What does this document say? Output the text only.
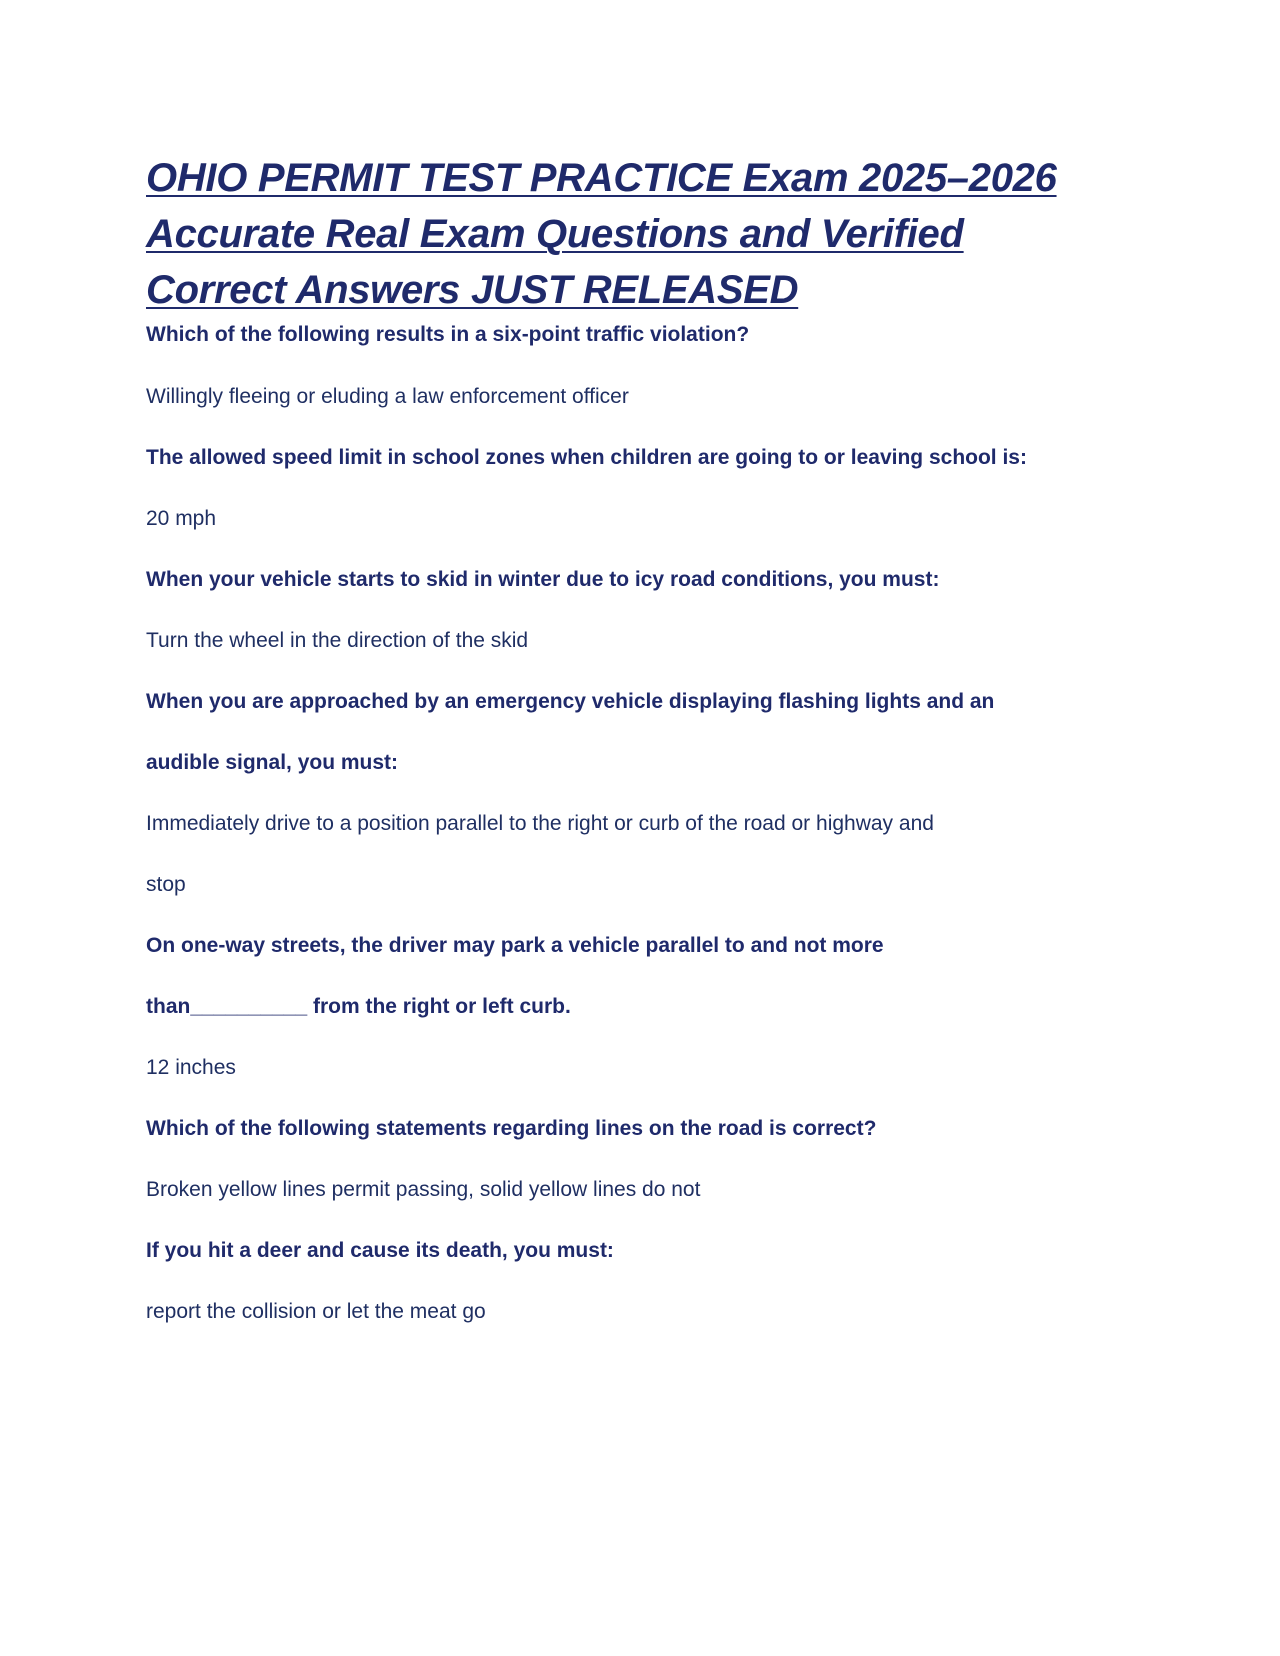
OHIO PERMIT TEST PRACTICE Exam 2025–2026
Accurate Real Exam Questions and Verified
Correct Answers JUST RELEASED

Which of the following results in a six-point traffic violation?

Willingly fleeing or eluding a law enforcement officer

The allowed speed limit in school zones when children are going to or leaving school is:

20 mph

When your vehicle starts to skid in winter due to icy road conditions, you must:

Turn the wheel in the direction of the skid

When you are approached by an emergency vehicle displaying flashing lights and an

audible signal, you must:

Immediately drive to a position parallel to the right or curb of the road or highway and

stop

On one-way streets, the driver may park a vehicle parallel to and not more

than__________ from the right or left curb.

12 inches

Which of the following statements regarding lines on the road is correct?

Broken yellow lines permit passing, solid yellow lines do not

If you hit a deer and cause its death, you must:

report the collision or let the meat go
